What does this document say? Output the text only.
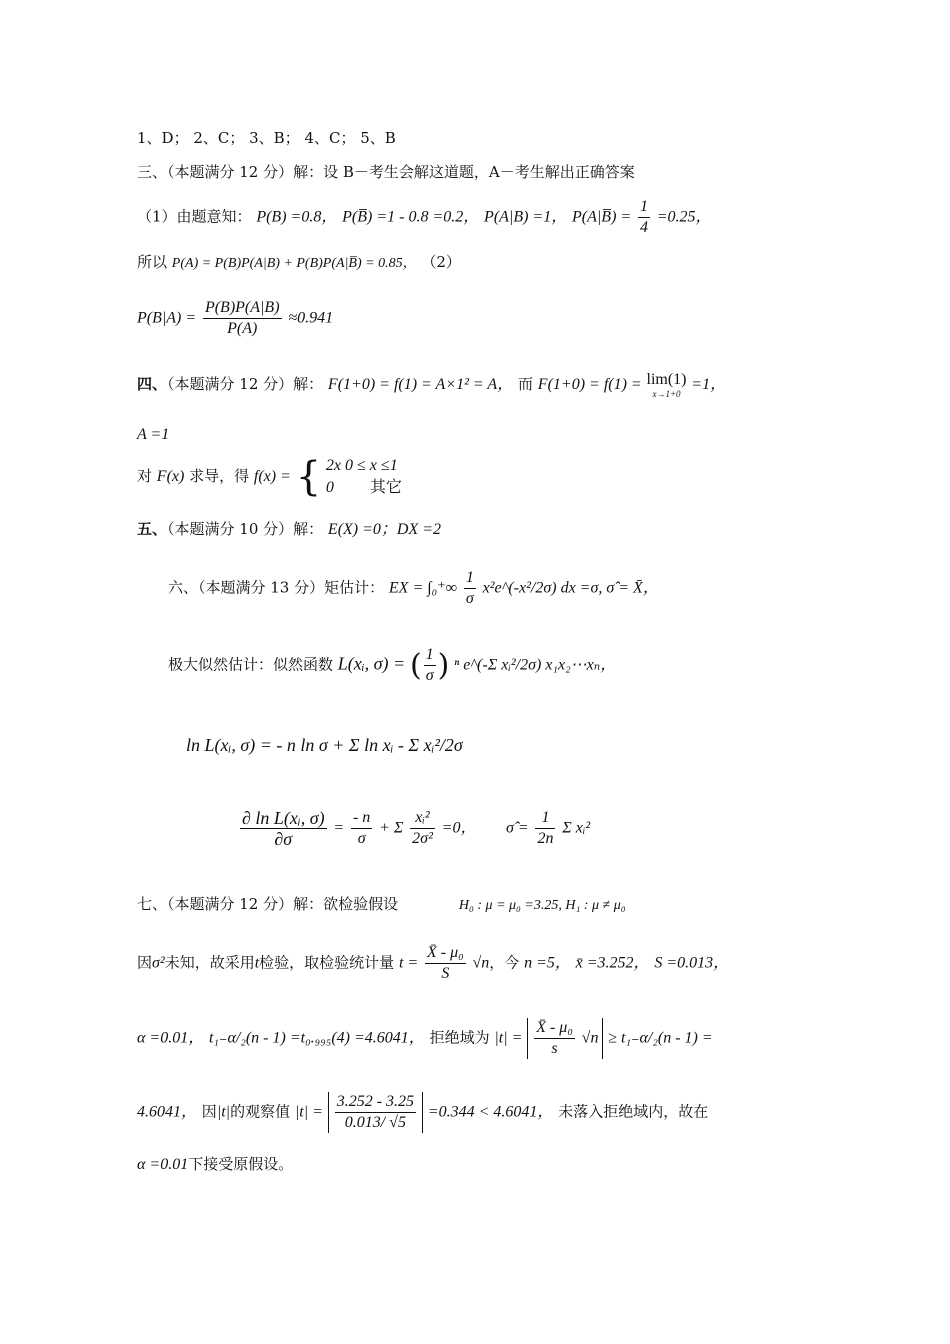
1、D； 2、C； 3、B； 4、C； 5、B
三、（本题满分 12 分）解：设 B－考生会解这道题，A－考生解出正确答案
（1）由题意知： P(B) =0.8， P(B̅) =1 - 0.8 =0.2， P(A|B) =1， P(A|B̅) = $\frac{1}{4} =0.25$，
所以 P(A) = P(B)P(A|B) + P(B)P(A|B̅) = 0.85， （2）
$P(B|A) = \frac{P(B)P(A|B)}{P(A)} \approx 0.941$
四、（本题满分 12 分）解： F(1+0) = f(1) = A×1² = A， 而 F(1+0) = f(1) = lim(1)
x→1+0
=1，
A =1
对 F(x) 求导，得 f(x) = { 2x 0 ≤ x ≤1
0 其它
五、（本题满分 10 分）解： E(X) =0；DX =2
六、（本题满分 13 分）矩估计： EX = $\int_0^+\infty \frac{1}{\sigma}$ x²e^(-x²/2σ) dx =σ, σ̂ = X̄，
极大似然估计：似然函数 L(xᵢ, σ) = ( $\frac{1}{\sigma}$ ) ⁿ e^(-Σ xᵢ²/2σ) x₁x₂⋯xₙ，
ln L(xᵢ, σ) = - n ln σ + Σ ln xᵢ - Σ xᵢ²/2σ
$\frac{\text{∂ ln L(xᵢ, σ)}}{\partial\sigma} = \frac{- n}{\sigma} + \Sigma \frac{\text{xᵢ²}}{\text{2σ²}} =0$， σ̂ = $\frac{1}{2n}$ Σ xᵢ²
七、（本题满分 12 分）解：欲检验假设	H₀ : μ = μ₀ =3.25, H₁ : μ ≠ μ₀
因σ²未知，故采用t检验，取检验统计量 $t = \frac{\text{X̄ - μ₀}}{S} √n$，今 n =5， x̄ =3.252， S =0.013，
α =0.01， t₁₋α/₂(n - 1) =t₀.₉₉₅(4) =4.6041， 拒绝域为 $|t| = \frac{\text{X̄ - μ₀}}{s} √n \ge t_{1-}\alpha/_2(n - 1)$ =
4.6041， 因|t|的观察值 $|t| = \frac{3.252 - 3.25}{0.013/ √5} =0.344 < 4.6041$， 未落入拒绝域内，故在
α =0.01下接受原假设。
